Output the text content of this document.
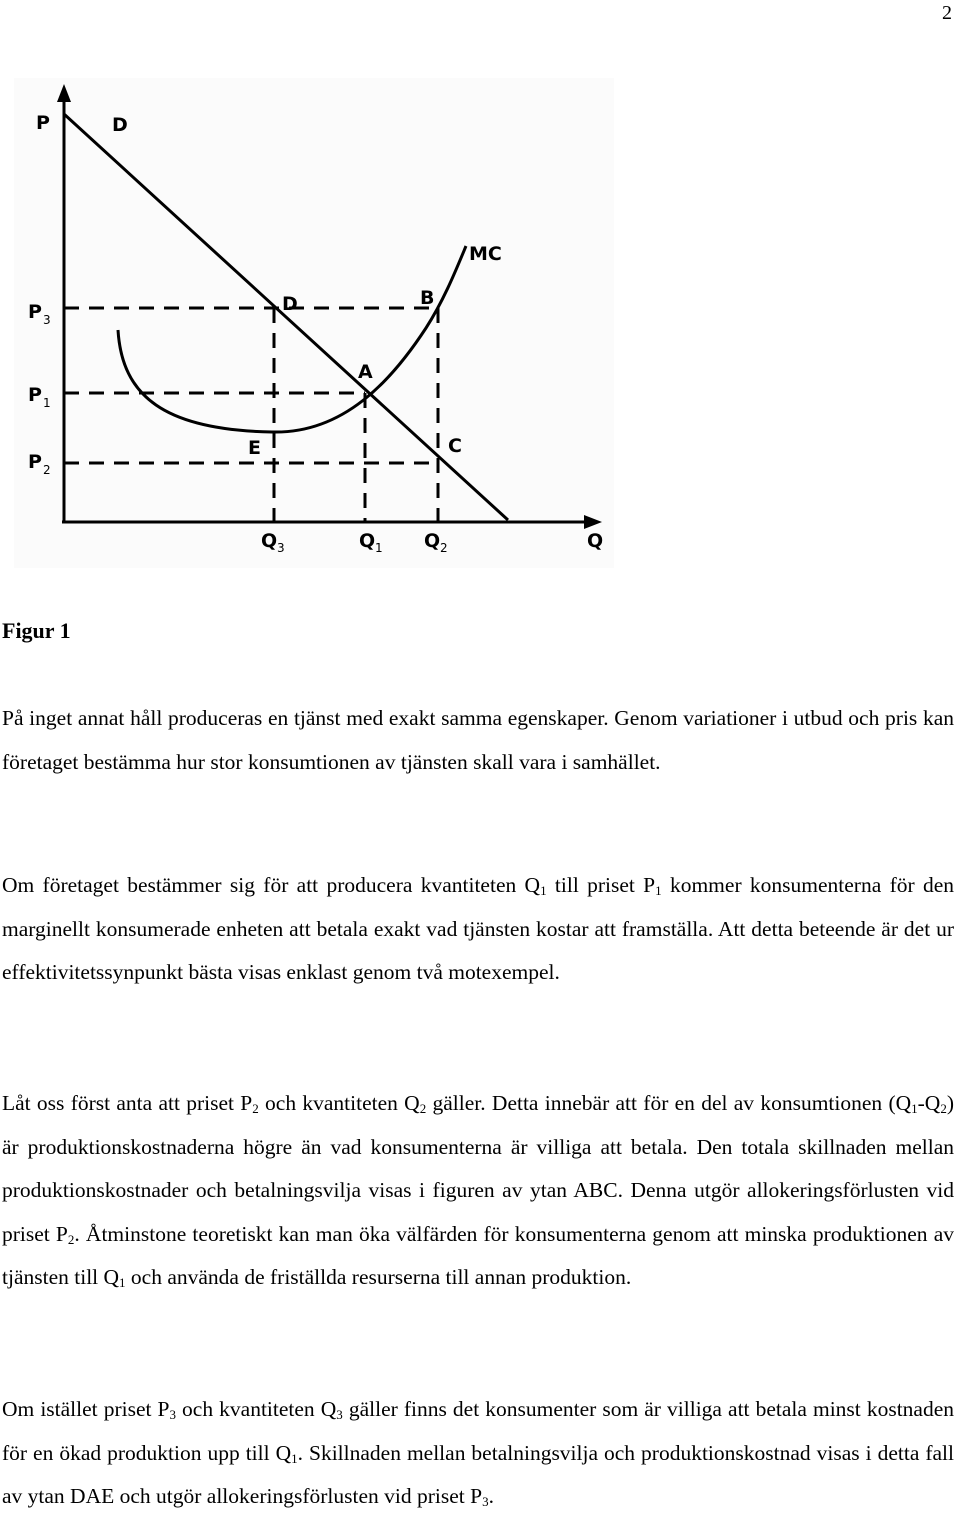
2
P	D
MC
P 3
P 1
P 2
D	B
A
E	C
Q 3	Q 1 Q 2	Q
Figur 1

På inget annat håll produceras en tjänst med exakt samma egenskaper. Genom variationer i utbud och pris kan företaget bestämma hur stor konsumtionen av tjänsten skall vara i samhället.

Om företaget bestämmer sig för att producera kvantiteten $Q_1$ till priset $P_1$ kommer konsumenterna för den marginellt konsumerade enheten att betala exakt vad tjänsten kostar att framställa. Att detta beteende är det ur effektivitetssynpunkt bästa visas enklast genom två motexempel.

Låt oss först anta att priset $P_2$ och kvantiteten $Q_2$ gäller. Detta innebär att för en del av konsumtionen $(Q_1-Q_2)$ är produktionskostnaderna högre än vad konsumenterna är villiga att betala. Den totala skillnaden mellan produktionskostnader och betalningsvilja visas i figuren av ytan ABC. Denna utgör allokeringsförlusten vid priset $P_2$. Åtminstone teoretiskt kan man öka välfärden för konsumenterna genom att minska produktionen av tjänsten till $Q_1$ och använda de friställda resurserna till annan produktion.

Om istället priset $P_3$ och kvantiteten $Q_3$ gäller finns det konsumenter som är villiga att betala minst kostnaden för en ökad produktion upp till $Q_1$. Skillnaden mellan betalningsvilja och produktionskostnad visas i detta fall av ytan DAE och utgör allokeringsförlusten vid priset $P_3$.
